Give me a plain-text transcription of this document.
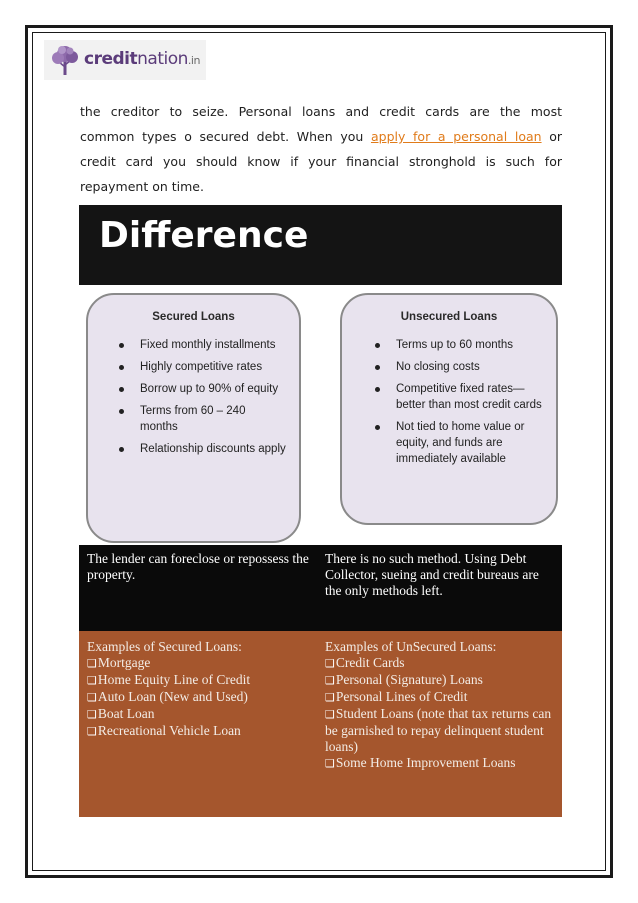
creditnation.in
the creditor to seize. Personal loans and credit cards are the most
common types o secured debt. When you apply for a personal loan or
credit card you should know if your financial stronghold is such for
repayment on time.
Difference
Secured Loans
Fixed monthly installments
Highly competitive rates
Borrow up to 90% of equity
Terms from 60 – 240 months
Relationship discounts apply
Unsecured Loans
Terms up to 60 months
No closing costs
Competitive fixed rates—better than most credit cards
Not tied to home value or equity, and funds are immediately available
The lender can foreclose or repossess the property.
There is no such method. Using Debt Collector, sueing and credit bureaus are the only methods left.
Examples of Secured Loans:
❑ Mortgage
❑ Home Equity Line of Credit
❑ Auto Loan (New and Used)
❑ Boat Loan
❑ Recreational Vehicle Loan
Examples of UnSecured Loans:
❑ Credit Cards
❑ Personal (Signature) Loans
❑ Personal Lines of Credit
❑ Student Loans (note that tax returns can be garnished to repay delinquent student loans)
❑ Some Home Improvement Loans
